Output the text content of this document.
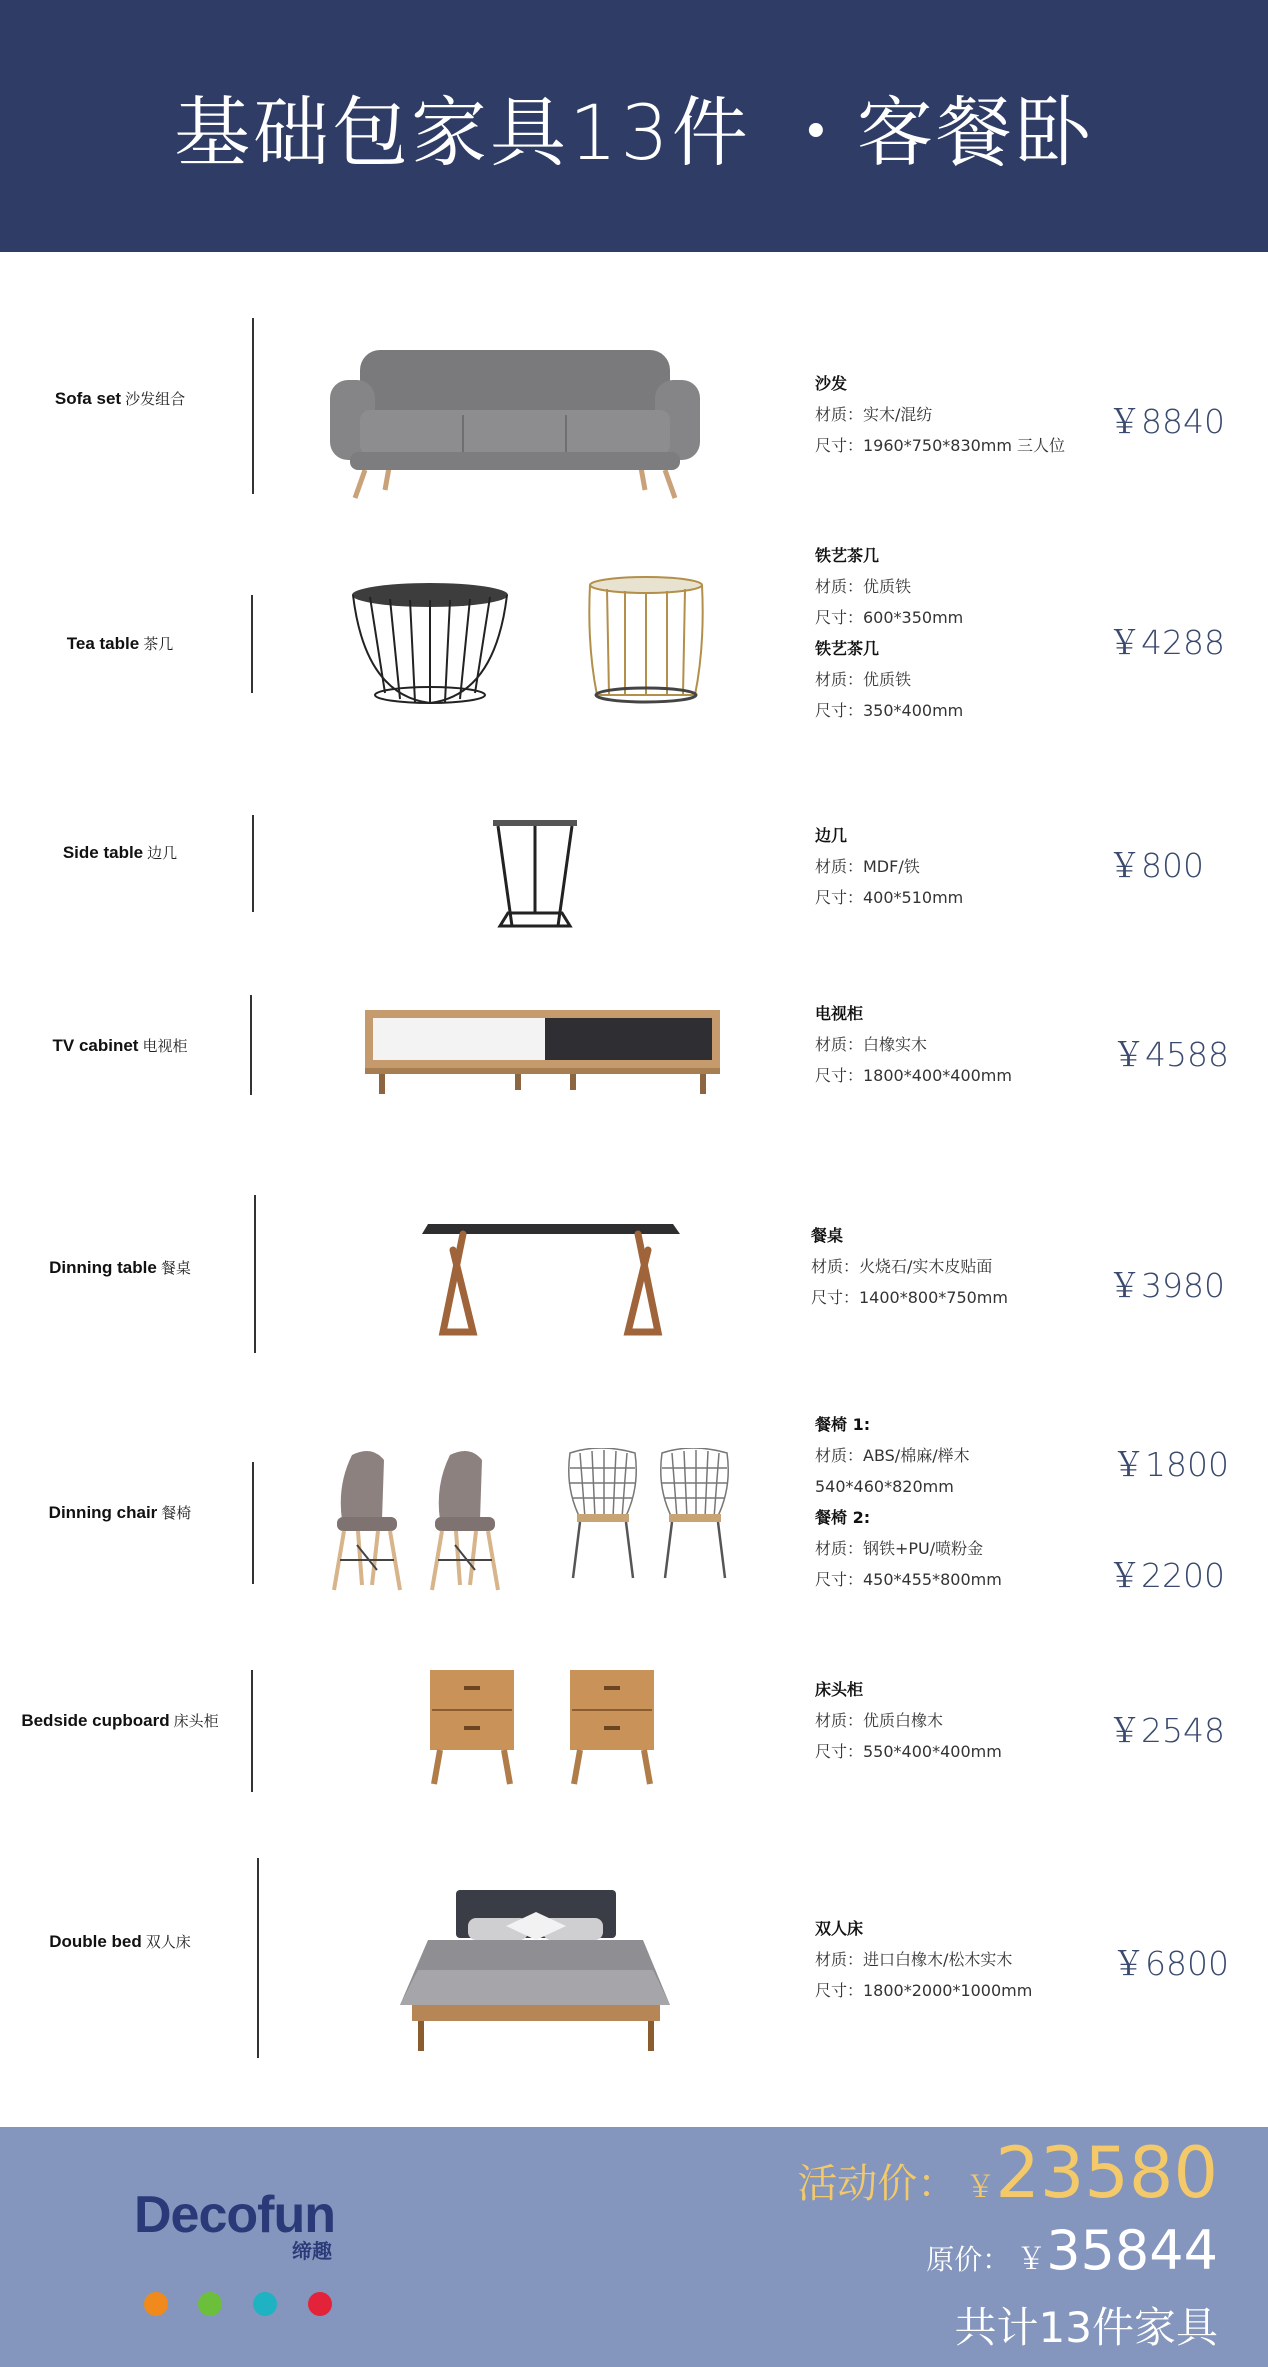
基础包家具13件 ・客餐卧
Sofa set 沙发组合
沙发
材质：实木/混纺
尺寸：1960*750*830mm 三人位
￥8840
Tea table 茶几
铁艺茶几
材质：优质铁
尺寸：600*350mm
铁艺茶几
材质：优质铁
尺寸：350*400mm
￥4288
Side table 边几
边几
材质：MDF/铁
尺寸：400*510mm
￥800
TV cabinet 电视柜
电视柜
材质：白橡实木
尺寸：1800*400*400mm
￥4588
Dinning table 餐桌
餐桌
材质：火烧石/实木皮贴面
尺寸：1400*800*750mm	￥3980
Dinning chair 餐椅
餐椅 1:
材质：ABS/棉麻/榉木
540*460*820mm
餐椅 2:
材质：钢铁+PU/喷粉金
尺寸：450*455*800mm
￥1800
￥2200
Bedside cupboard 床头柜
床头柜
材质：优质白橡木
尺寸：550*400*400mm
￥2548
Double bed 双人床
双人床
材质：进口白橡木/松木实木
尺寸：1800*2000*1000mm
￥6800
Decofun
缔趣
活动价： ￥23580
原价： ￥35844
共计13件家具
